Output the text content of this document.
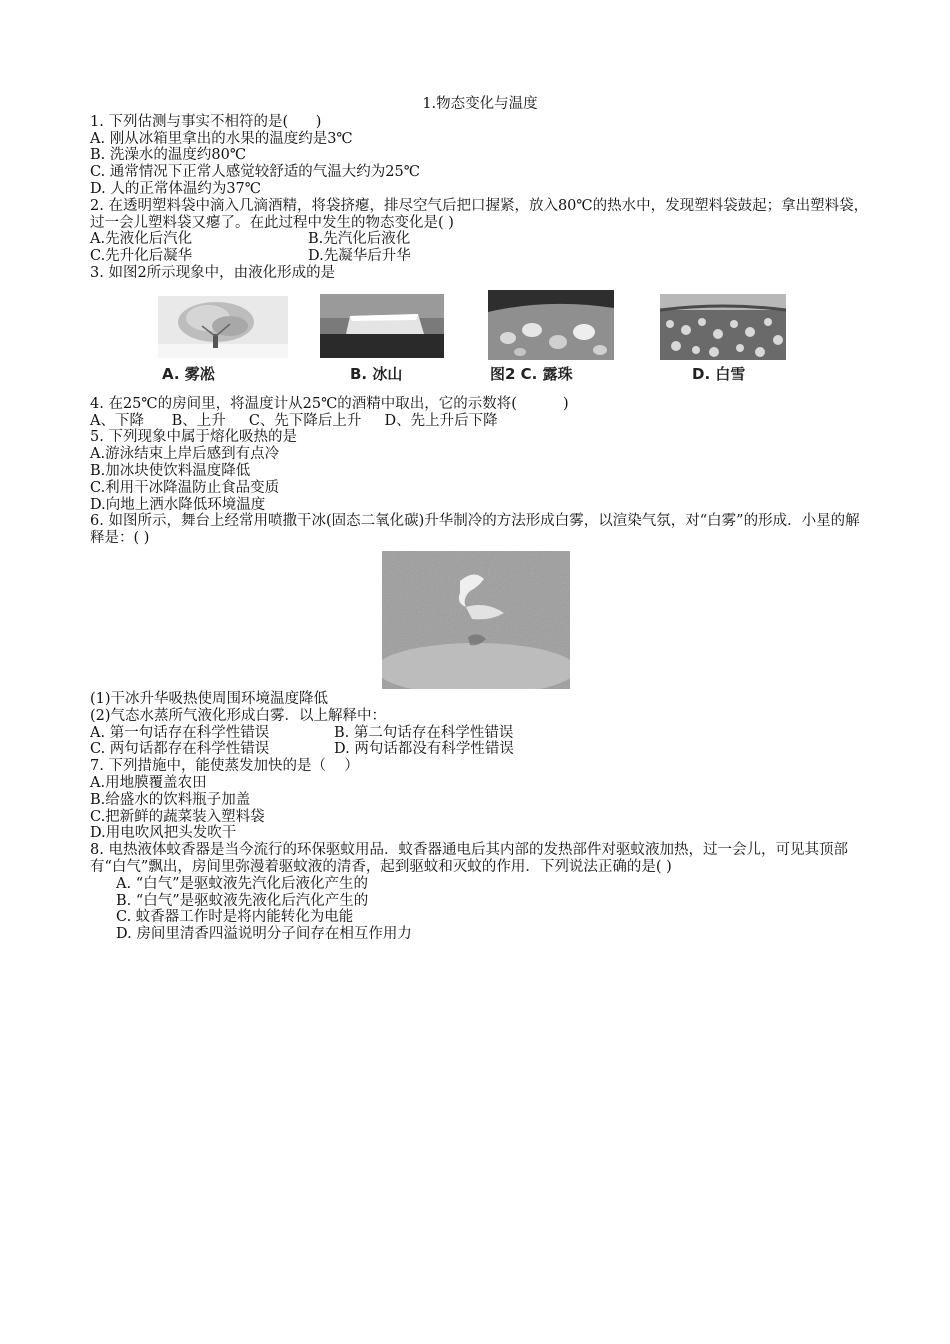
1.物态变化与温度
1. 下列估测与事实不相符的是(      )
A. 刚从冰箱里拿出的水果的温度约是3℃
B. 洗澡水的温度约80℃
C. 通常情况下正常人感觉较舒适的气温大约为25℃
D. 人的正常体温约为37℃
2. 在透明塑料袋中滴入几滴酒精，将袋挤瘪，排尽空气后把口握紧，放入80℃的热水中，发现塑料袋鼓起；拿出塑料袋，过一会儿塑料袋又瘪了。在此过程中发生的物态变化是( )
A.先液化后汽化	B.先汽化后液化
C.先升化后凝华	D.先凝华后升华
3. 如图2所示现象中，由液化形成的是
A. 雾凇	B. 冰山	图2 C. 露珠	D. 白雪
4. 在25℃的房间里，将温度计从25℃的酒精中取出，它的示数将(          )
A、下降      B、上升     C、先下降后上升     D、先上升后下降
5. 下列现象中属于熔化吸热的是
A.游泳结束上岸后感到有点冷
B.加冰块使饮料温度降低
C.利用干冰降温防止食品变质
D.向地上洒水降低环境温度
6. 如图所示，舞台上经常用喷撒干冰(固态二氧化碳)升华制冷的方法形成白雾，以渲染气氛，对“白雾”的形成．小星的解释是：( )
(1)干冰升华吸热使周围环境温度降低
(2)气态水蒸所气液化形成白雾．以上解释中：
A. 第一句话存在科学性错误	B. 第二句话存在科学性错误
C. 两句话都存在科学性错误	D. 两句话都没有科学性错误
7. 下列措施中，能使蒸发加快的是（    ）
A.用地膜覆盖农田
B.给盛水的饮料瓶子加盖
C.把新鲜的蔬菜装入塑料袋
D.用电吹风把头发吹干
8. 电热液体蚊香器是当今流行的环保驱蚊用品．蚊香器通电后其内部的发热部件对驱蚊液加热，过一会儿，可见其顶部有“白气”飘出，房间里弥漫着驱蚊液的清香，起到驱蚊和灭蚊的作用．下列说法正确的是( )
A. “白气”是驱蚊液先汽化后液化产生的
B. “白气”是驱蚊液先液化后汽化产生的
C. 蚊香器工作时是将内能转化为电能
D. 房间里清香四溢说明分子间存在相互作用力
